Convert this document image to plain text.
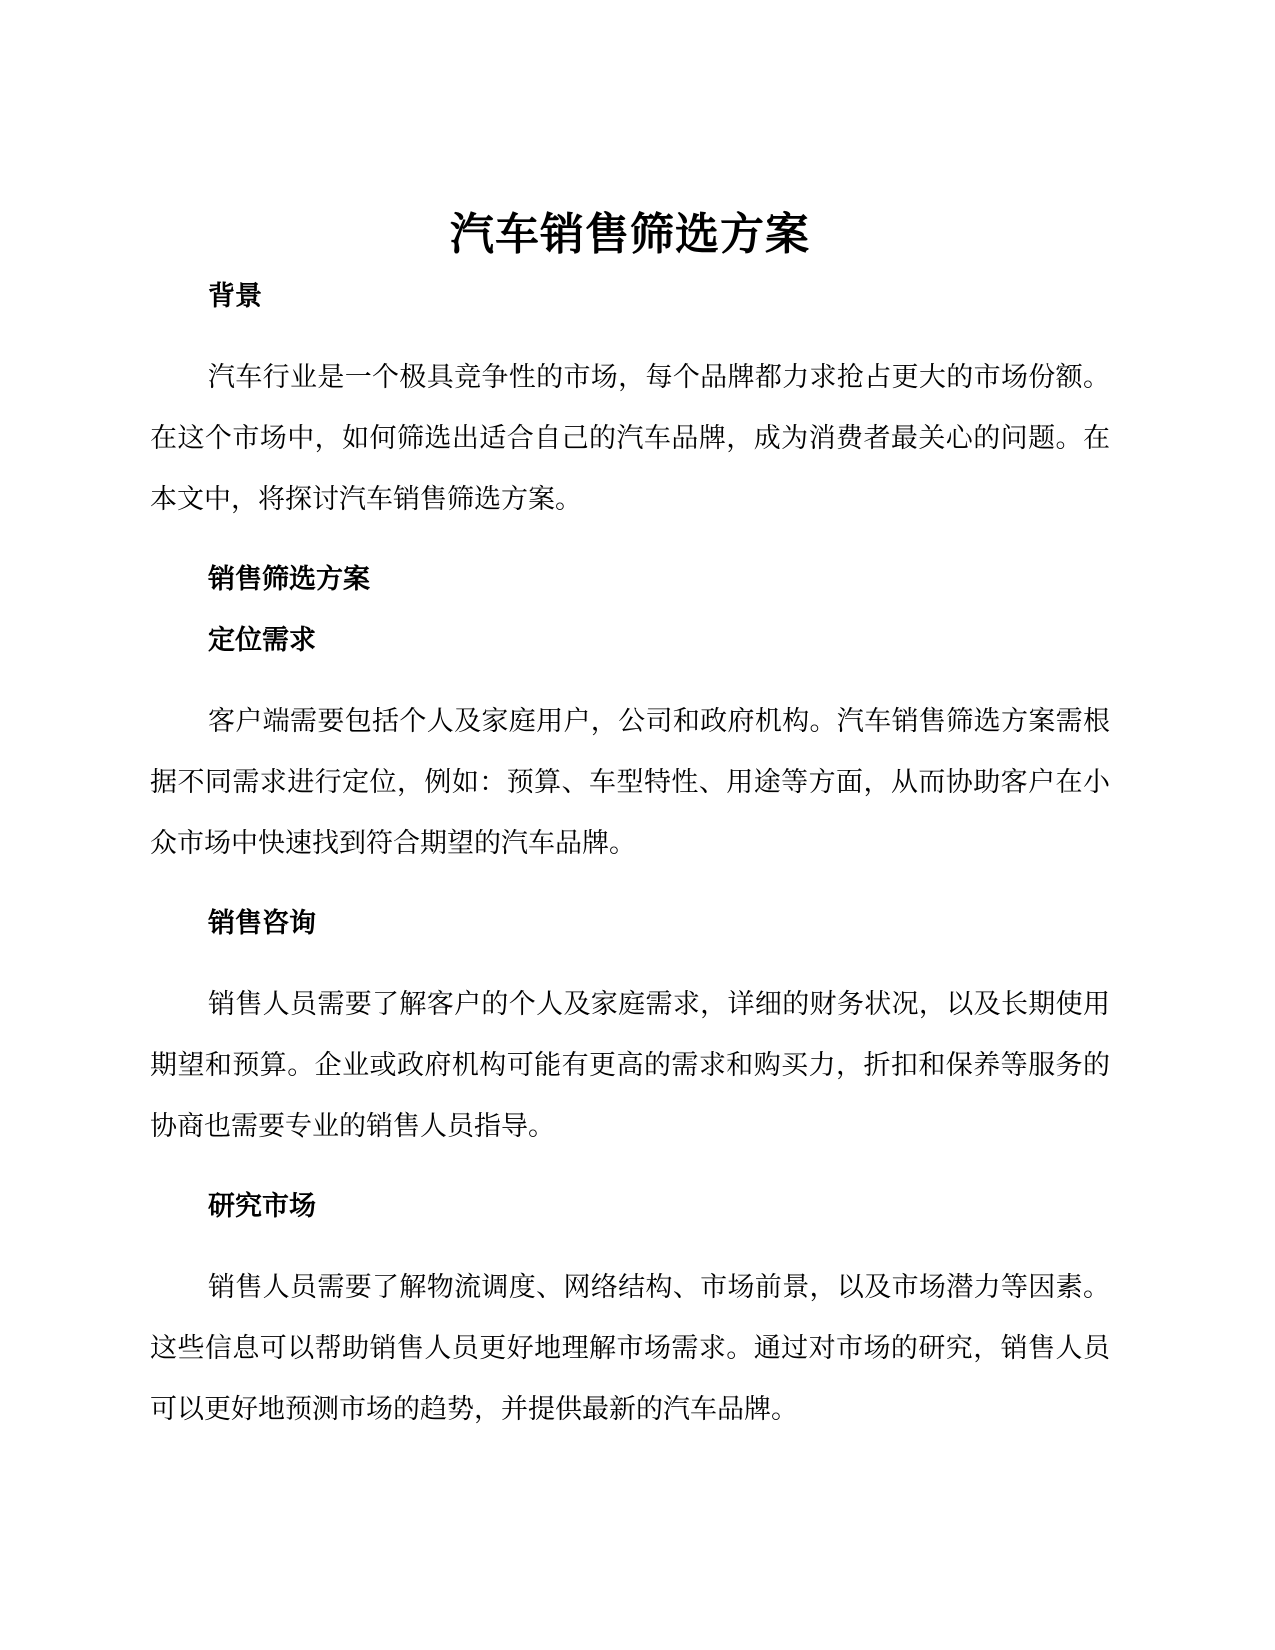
汽车销售筛选方案
背景

汽车行业是一个极具竞争性的市场，每个品牌都力求抢占更大的市场份额。在这个市场中，如何筛选出适合自己的汽车品牌，成为消费者最关心的问题。在本文中，将探讨汽车销售筛选方案。

销售筛选方案
定位需求

客户端需要包括个人及家庭用户，公司和政府机构。汽车销售筛选方案需根据不同需求进行定位，例如：预算、车型特性、用途等方面，从而协助客户在小众市场中快速找到符合期望的汽车品牌。

销售咨询

销售人员需要了解客户的个人及家庭需求，详细的财务状况，以及长期使用期望和预算。企业或政府机构可能有更高的需求和购买力，折扣和保养等服务的协商也需要专业的销售人员指导。

研究市场

销售人员需要了解物流调度、网络结构、市场前景，以及市场潜力等因素。这些信息可以帮助销售人员更好地理解市场需求。通过对市场的研究，销售人员可以更好地预测市场的趋势，并提供最新的汽车品牌。
